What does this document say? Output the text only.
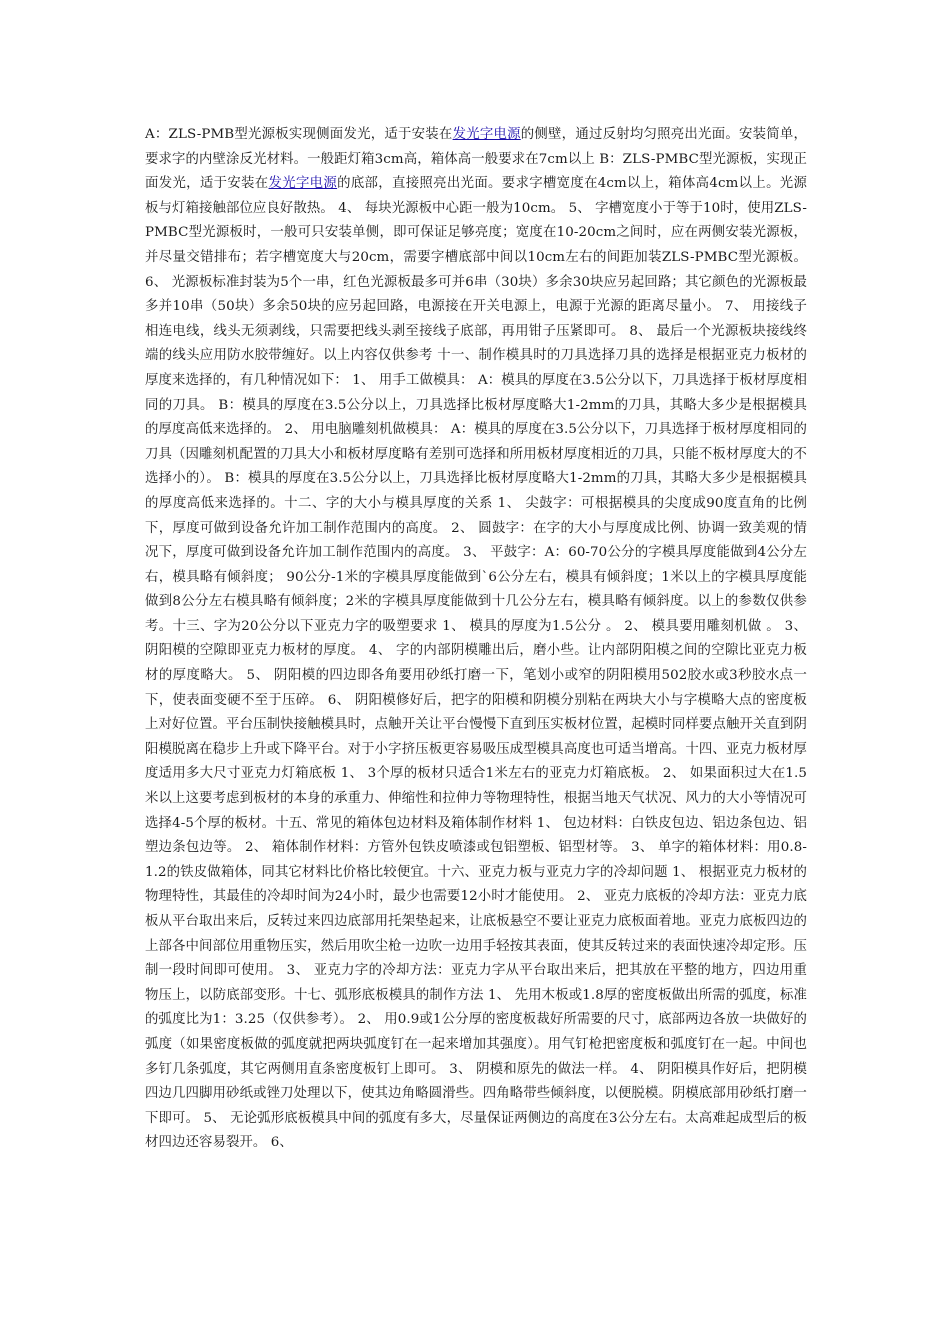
A：ZLS-PMB型光源板实现侧面发光，适于安装在发光字电源的侧壁，通过反射均匀照亮出光面。安装简单，要求字的内壁涂反光材料。一般距灯箱3cm高，箱体高一般要求在7cm以上 B：ZLS-PMBC型光源板，实现正面发光，适于安装在发光字电源的底部，直接照亮出光面。要求字槽宽度在4cm以上，箱体高4cm以上。光源板与灯箱接触部位应良好散热。 4、 每块光源板中心距一般为10cm。 5、 字槽宽度小于等于10时，使用ZLS-PMBC型光源板时，一般可只安装单侧，即可保证足够亮度；宽度在10-20cm之间时，应在两侧安装光源板，并尽量交错排布；若字槽宽度大与20cm，需要字槽底部中间以10cm左右的间距加装ZLS-PMBC型光源板。 6、 光源板标准封装为5个一串，红色光源板最多可并6串（30块）多余30块应另起回路；其它颜色的光源板最多并10串（50块）多余50块的应另起回路，电源接在开关电源上，电源于光源的距离尽量小。 7、 用接线子相连电线，线头无须剥线，只需要把线头剥至接线子底部，再用钳子压紧即可。 8、 最后一个光源板块接线终端的线头应用防水胶带缠好。以上内容仅供参考 十一、制作模具时的刀具选择刀具的选择是根据亚克力板材的厚度来选择的，有几种情况如下： 1、 用手工做模具： A：模具的厚度在3.5公分以下，刀具选择于板材厚度相同的刀具。 B：模具的厚度在3.5公分以上，刀具选择比板材厚度略大1-2mm的刀具，其略大多少是根据模具的厚度高低来选择的。 2、 用电脑雕刻机做模具： A：模具的厚度在3.5公分以下，刀具选择于板材厚度相同的刀具（因雕刻机配置的刀具大小和板材厚度略有差别可选择和所用板材厚度相近的刀具，只能不板材厚度大的不选择小的）。 B：模具的厚度在3.5公分以上，刀具选择比板材厚度略大1-2mm的刀具，其略大多少是根据模具的厚度高低来选择的。十二、字的大小与模具厚度的关系 1、 尖鼓字：可根据模具的尖度成90度直角的比例下，厚度可做到设备允许加工制作范围内的高度。 2、 圆鼓字：在字的大小与厚度成比例、协调一致美观的情况下，厚度可做到设备允许加工制作范围内的高度。 3、 平鼓字：A：60-70公分的字模具厚度能做到4公分左右，模具略有倾斜度； 90公分-1米的字模具厚度能做到`6公分左右，模具有倾斜度；1米以上的字模具厚度能做到8公分左右模具略有倾斜度；2米的字模具厚度能做到十几公分左右，模具略有倾斜度。以上的参数仅供参考。十三、字为20公分以下亚克力字的吸塑要求 1、 模具的厚度为1.5公分 。 2、 模具要用雕刻机做 。 3、 阴阳模的空隙即亚克力板材的厚度。 4、 字的内部阴模雕出后，磨小些。让内部阴阳模之间的空隙比亚克力板材的厚度略大。 5、 阴阳模的四边即各角要用砂纸打磨一下，笔划小或窄的阴阳模用502胶水或3秒胶水点一下，使表面变硬不至于压碎。 6、 阴阳模修好后，把字的阳模和阴模分别粘在两块大小与字模略大点的密度板上对好位置。平台压制快接触模具时，点触开关让平台慢慢下直到压实板材位置，起模时同样要点触开关直到阴阳模脱离在稳步上升或下降平台。对于小字挤压板更容易吸压成型模具高度也可适当增高。十四、亚克力板材厚度适用多大尺寸亚克力灯箱底板 1、 3个厚的板材只适合1米左右的亚克力灯箱底板。 2、 如果面积过大在1.5米以上这要考虑到板材的本身的承重力、伸缩性和拉伸力等物理特性，根据当地天气状况、风力的大小等情况可选择4-5个厚的板材。十五、常见的箱体包边材料及箱体制作材料 1、 包边材料：白铁皮包边、铝边条包边、铝塑边条包边等。 2、 箱体制作材料：方管外包铁皮喷漆或包铝塑板、铝型材等。 3、 单字的箱体材料：用0.8-1.2的铁皮做箱体，同其它材料比价格比较便宜。十六、亚克力板与亚克力字的冷却问题 1、 根据亚克力板材的物理特性，其最佳的冷却时间为24小时，最少也需要12小时才能使用。 2、 亚克力底板的冷却方法：亚克力底板从平台取出来后，反转过来四边底部用托架垫起来，让底板悬空不要让亚克力底板面着地。亚克力底板四边的上部各中间部位用重物压实，然后用吹尘枪一边吹一边用手轻按其表面，使其反转过来的表面快速冷却定形。压制一段时间即可使用。 3、 亚克力字的冷却方法：亚克力字从平台取出来后，把其放在平整的地方，四边用重物压上，以防底部变形。十七、弧形底板模具的制作方法 1、 先用木板或1.8厚的密度板做出所需的弧度，标准的弧度比为1：3.25（仅供参考）。 2、 用0.9或1公分厚的密度板裁好所需要的尺寸，底部两边各放一块做好的弧度（如果密度板做的弧度就把两块弧度钉在一起来增加其强度）。用气钉枪把密度板和弧度钉在一起。中间也多钉几条弧度，其它两侧用直条密度板钉上即可。 3、 阴模和原先的做法一样。 4、 阴阳模具作好后，把阴模四边几四脚用砂纸或锉刀处理以下，使其边角略圆滑些。四角略带些倾斜度，以便脱模。阴模底部用砂纸打磨一下即可。 5、 无论弧形底板模具中间的弧度有多大，尽量保证两侧边的高度在3公分左右。太高难起成型后的板材四边还容易裂开。 6、
